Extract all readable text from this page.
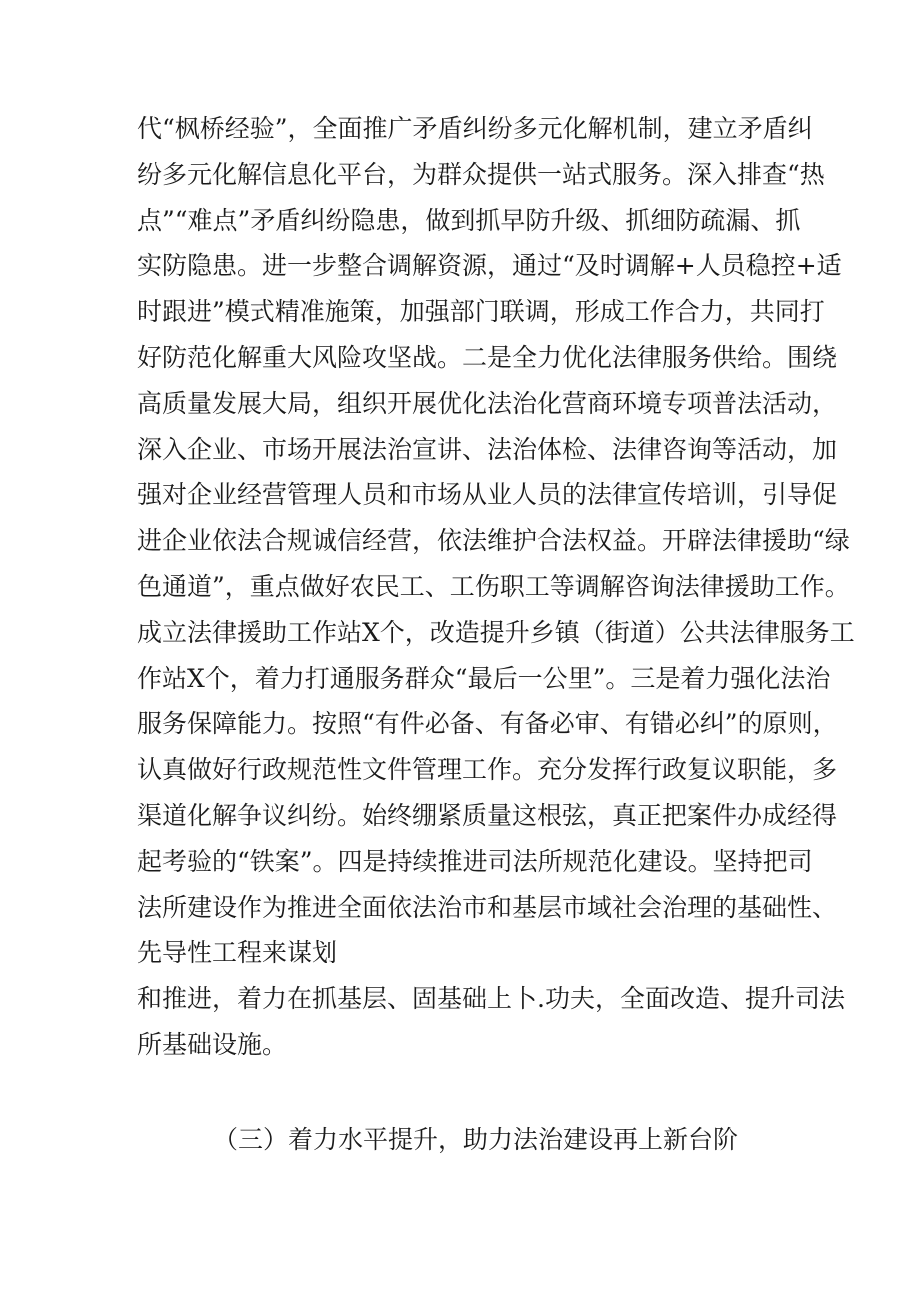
代“枫桥经验”，全面推广矛盾纠纷多元化解机制，建立矛盾纠
纷多元化解信息化平台，为群众提供一站式服务。深入排查“热
点”“难点”矛盾纠纷隐患，做到抓早防升级、抓细防疏漏、抓
实防隐患。进一步整合调解资源，通过“及时调解+人员稳控+适
时跟进”模式精准施策，加强部门联调，形成工作合力，共同打
好防范化解重大风险攻坚战。二是全力优化法律服务供给。围绕
高质量发展大局，组织开展优化法治化营商环境专项普法活动，
深入企业、市场开展法治宣讲、法治体检、法律咨询等活动，加
强对企业经营管理人员和市场从业人员的法律宣传培训，引导促
进企业依法合规诚信经营，依法维护合法权益。开辟法律援助“绿
色通道”，重点做好农民工、工伤职工等调解咨询法律援助工作。
成立法律援助工作站X个，改造提升乡镇（街道）公共法律服务工
作站X个，着力打通服务群众“最后一公里”。三是着力强化法治
服务保障能力。按照“有件必备、有备必审、有错必纠”的原则，
认真做好行政规范性文件管理工作。充分发挥行政复议职能，多
渠道化解争议纠纷。始终绷紧质量这根弦，真正把案件办成经得
起考验的“铁案”。四是持续推进司法所规范化建设。坚持把司
法所建设作为推进全面依法治市和基层市域社会治理的基础性、
先导性工程来谋划
和推进，着力在抓基层、固基础上卜.功夫，全面改造、提升司法
所基础设施。
（三）着力水平提升，助力法治建设再上新台阶
